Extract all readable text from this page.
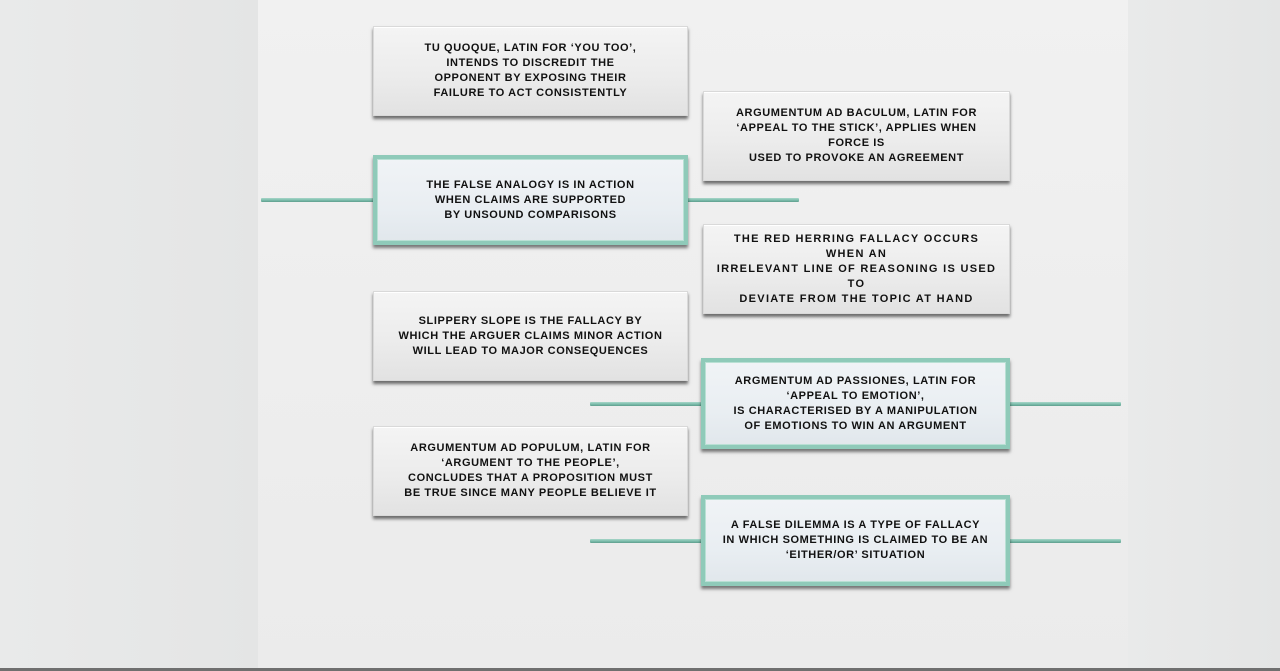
TU QUOQUE, LATIN FOR ‘YOU TOO’,
INTENDS TO DISCREDIT THE
OPPONENT BY EXPOSING THEIR
FAILURE TO ACT CONSISTENTLY
ARGUMENTUM AD BACULUM, LATIN FOR
‘APPEAL TO THE STICK’, APPLIES WHEN FORCE IS
USED TO PROVOKE AN AGREEMENT
THE FALSE ANALOGY IS IN ACTION
WHEN CLAIMS ARE SUPPORTED
BY UNSOUND COMPARISONS
THE RED HERRING FALLACY OCCURS WHEN AN
IRRELEVANT LINE OF REASONING IS USED TO
DEVIATE FROM THE TOPIC AT HAND
SLIPPERY SLOPE IS THE FALLACY BY
WHICH THE ARGUER CLAIMS MINOR ACTION
WILL LEAD TO MAJOR CONSEQUENCES
ARGMENTUM AD PASSIONES, LATIN FOR
‘APPEAL TO EMOTION’,
IS CHARACTERISED BY A MANIPULATION
OF EMOTIONS TO WIN AN ARGUMENT
ARGUMENTUM AD POPULUM, LATIN FOR
‘ARGUMENT TO THE PEOPLE’,
CONCLUDES THAT A PROPOSITION MUST
BE TRUE SINCE MANY PEOPLE BELIEVE IT
A FALSE DILEMMA IS A TYPE OF FALLACY
IN WHICH SOMETHING IS CLAIMED TO BE AN
‘EITHER/OR’ SITUATION
